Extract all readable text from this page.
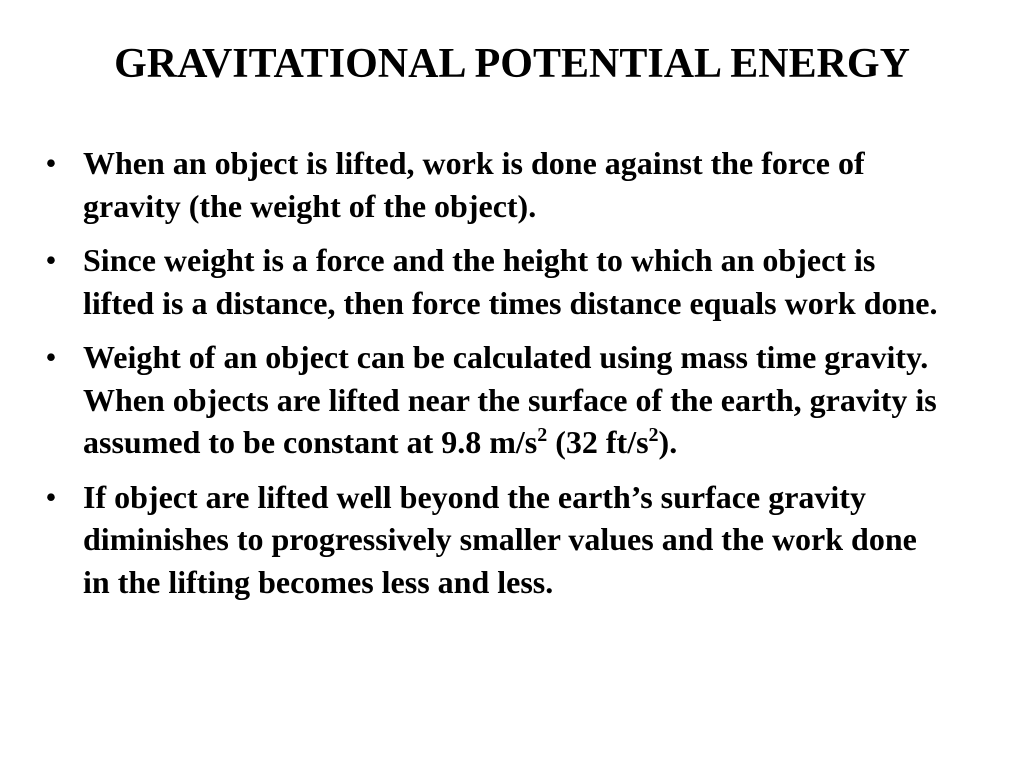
GRAVITATIONAL POTENTIAL ENERGY
• When an object is lifted, work is done against the force of gravity (the weight of the object).
• Since weight is a force and the height to which an object is lifted is a distance, then force times distance equals work done.
• Weight of an object can be calculated using mass time gravity. When objects are lifted near the surface of the earth, gravity is assumed to be constant at 9.8 $m/s^2$ (32 $ft/s^2$).
• If object are lifted well beyond the earth’s surface gravity diminishes to progressively smaller values and the work done in the lifting becomes less and less.
